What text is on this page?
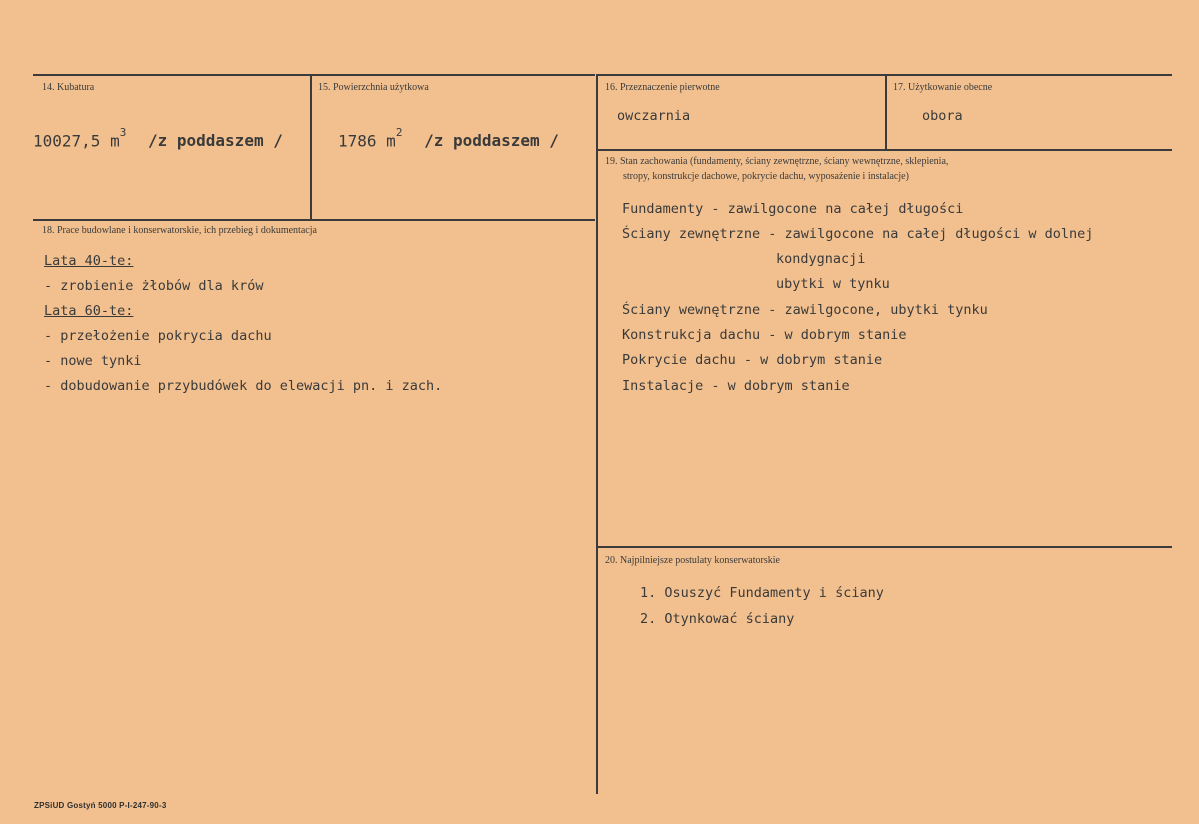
14. Kubatura
10027,5 $m^3$ /z poddaszem /
15. Powierzchnia użytkowa
1786 $m^2$ /z poddaszem /
16. Przeznaczenie pierwotne
owczarnia
17. Użytkowanie obecne
obora
18. Prace budowlane i konserwatorskie, ich przebieg i dokumentacja
Lata 40-te:
- zrobienie żłobów dla krów
Lata 60-te:
- przełożenie pokrycia dachu
- nowe tynki
- dobudowanie przybudówek do elewacji pn. i zach.
19. Stan zachowania (fundamenty, ściany zewnętrzne, ściany wewnętrzne, sklepienia,
stropy, konstrukcje dachowe, pokrycie dachu, wyposażenie i instalacje)
Fundamenty - zawilgocone na całej długości
Ściany zewnętrzne - zawilgocone na całej długości w dolnej
kondygnacji
ubytki w tynku
Ściany wewnętrzne - zawilgocone, ubytki tynku
Konstrukcja dachu - w dobrym stanie
Pokrycie dachu - w dobrym stanie
Instalacje - w dobrym stanie
20. Najpilniejsze postulaty konserwatorskie
1. Osuszyć Fundamenty i ściany
2. Otynkować ściany
ZPSiUD Gostyń 5000 P-I-247-90-3
